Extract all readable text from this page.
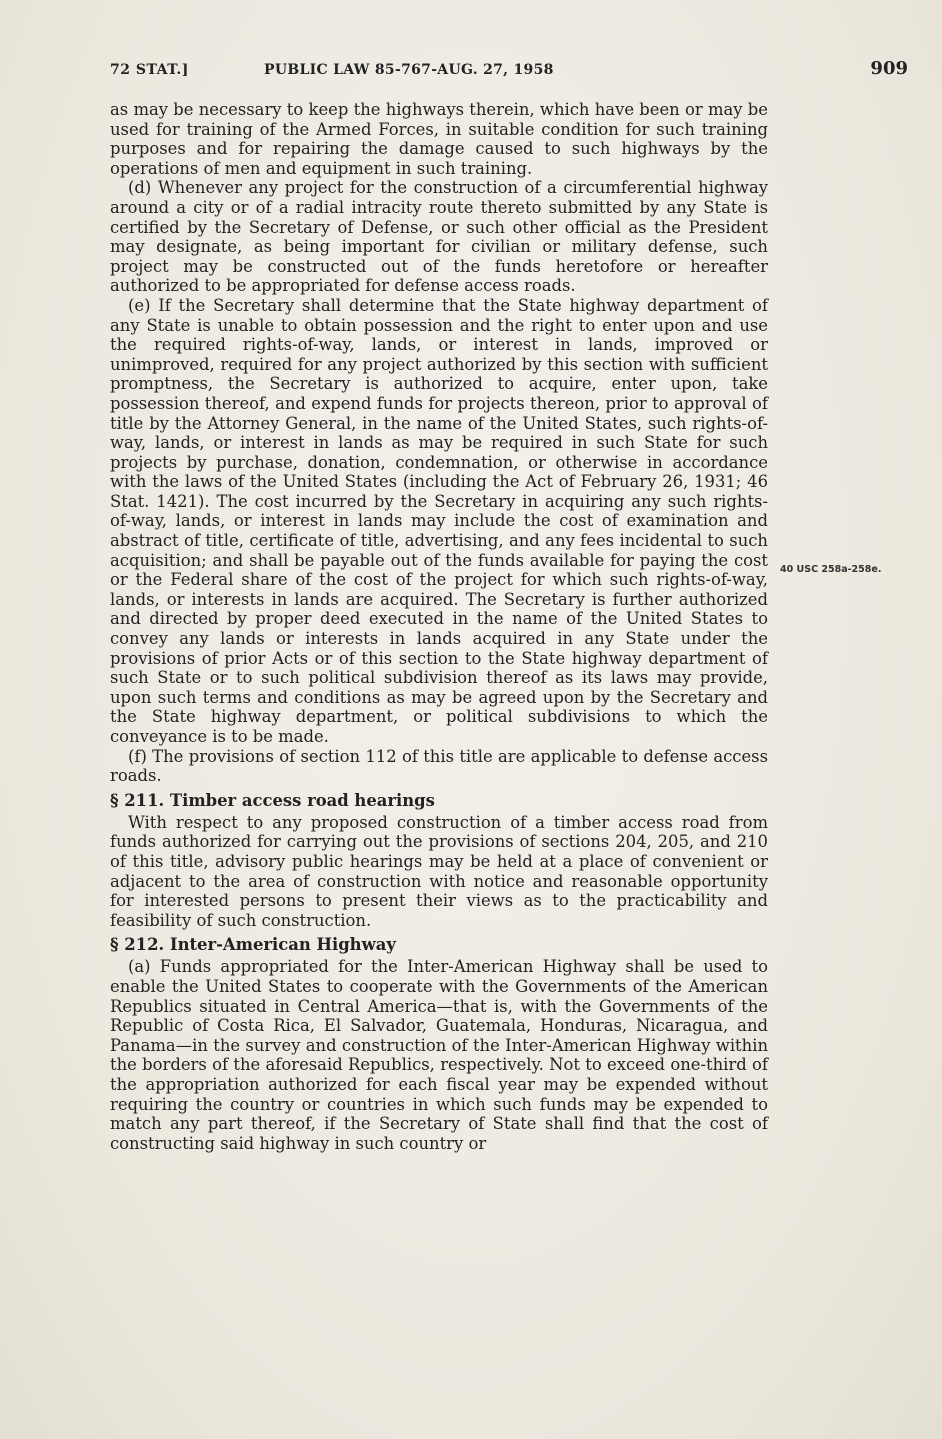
72 STAT.]	PUBLIC LAW 85-767-AUG. 27, 1958	909

as may be necessary to keep the highways therein, which have been or may be used for training of the Armed Forces, in suitable condition for such training purposes and for repairing the damage caused to such highways by the operations of men and equipment in such training.

(d) Whenever any project for the construction of a circumferential highway around a city or of a radial intracity route thereto submitted by any State is certified by the Secretary of Defense, or such other official as the President may designate, as being important for civilian or military defense, such project may be constructed out of the funds heretofore or hereafter authorized to be appropriated for defense access roads.

(e) If the Secretary shall determine that the State highway department of any State is unable to obtain possession and the right to enter upon and use the required rights-of-way, lands, or interest in lands, improved or unimproved, required for any project authorized by this section with sufficient promptness, the Secretary is authorized to acquire, enter upon, take possession thereof, and expend funds for projects thereon, prior to approval of title by the Attorney General, in the name of the United States, such rights-of-way, lands, or interest in lands as may be required in such State for such projects by purchase, donation, condemnation, or otherwise in accordance with the laws of the United States (including the Act of February 26, 1931; 46 Stat. 1421). The cost incurred by the Secretary in acquiring any such rights-of-way, lands, or interest in lands may include the cost of examination and abstract of title, certificate of title, advertising, and any fees incidental to such acquisition; and shall be payable out of the funds available for paying the cost or the Federal share of the cost of the project for which such rights-of-way, lands, or interests in lands are acquired. The Secretary is further authorized and directed by proper deed executed in the name of the United States to convey any lands or interests in lands acquired in any State under the provisions of prior Acts or of this section to the State highway department of such State or to such political subdivision thereof as its laws may provide, upon such terms and conditions as may be agreed upon by the Secretary and the State highway department, or political subdivisions to which the conveyance is to be made.

(f) The provisions of section 112 of this title are applicable to defense access roads.

§ 211. Timber access road hearings

With respect to any proposed construction of a timber access road from funds authorized for carrying out the provisions of sections 204, 205, and 210 of this title, advisory public hearings may be held at a place of convenient or adjacent to the area of construction with notice and reasonable opportunity for interested persons to present their views as to the practicability and feasibility of such construction.

§ 212. Inter-American Highway

(a) Funds appropriated for the Inter-American Highway shall be used to enable the United States to cooperate with the Governments of the American Republics situated in Central America—that is, with the Governments of the Republic of Costa Rica, El Salvador, Guatemala, Honduras, Nicaragua, and Panama—in the survey and construction of the Inter-American Highway within the borders of the aforesaid Republics, respectively. Not to exceed one-third of the appropriation authorized for each fiscal year may be expended without requiring the country or countries in which such funds may be expended to match any part thereof, if the Secretary of State shall find that the cost of constructing said highway in such country or

40 USC 258a-258e.
